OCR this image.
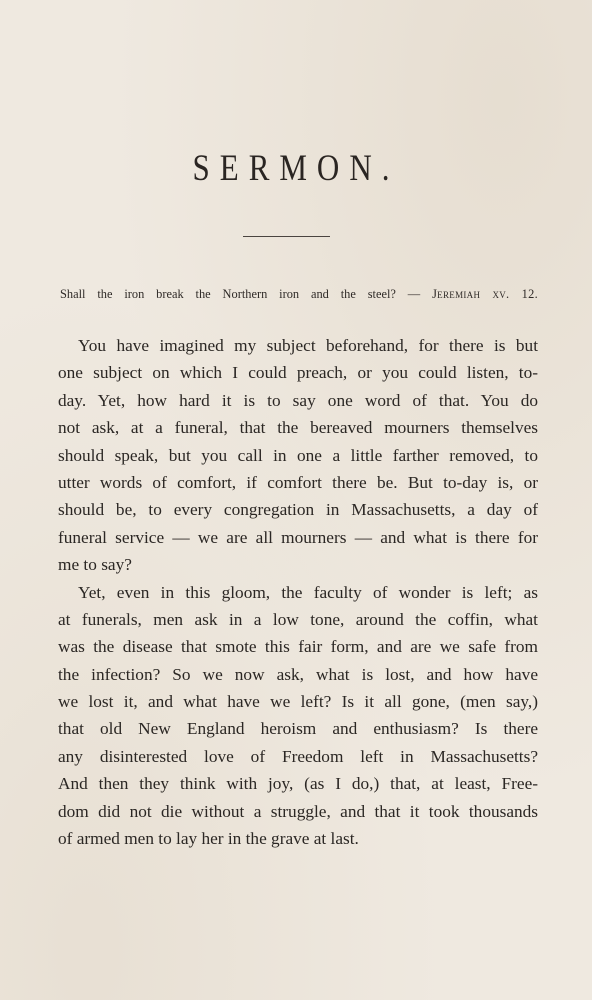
SERMON.
Shall the iron break the Northern iron and the steel? — Jeremiah xv. 12.
You have imagined my subject beforehand, for there is but
one subject on which I could preach, or you could listen, to-
day. Yet, how hard it is to say one word of that. You do
not ask, at a funeral, that the bereaved mourners themselves
should speak, but you call in one a little farther removed, to
utter words of comfort, if comfort there be. But to-day is, or
should be, to every congregation in Massachusetts, a day of
funeral service — we are all mourners — and what is there for
me to say?
Yet, even in this gloom, the faculty of wonder is left; as
at funerals, men ask in a low tone, around the coffin, what
was the disease that smote this fair form, and are we safe from
the infection? So we now ask, what is lost, and how have
we lost it, and what have we left? Is it all gone, (men say,)
that old New England heroism and enthusiasm? Is there
any disinterested love of Freedom left in Massachusetts?
And then they think with joy, (as I do,) that, at least, Free-
dom did not die without a struggle, and that it took thousands
of armed men to lay her in the grave at last.
